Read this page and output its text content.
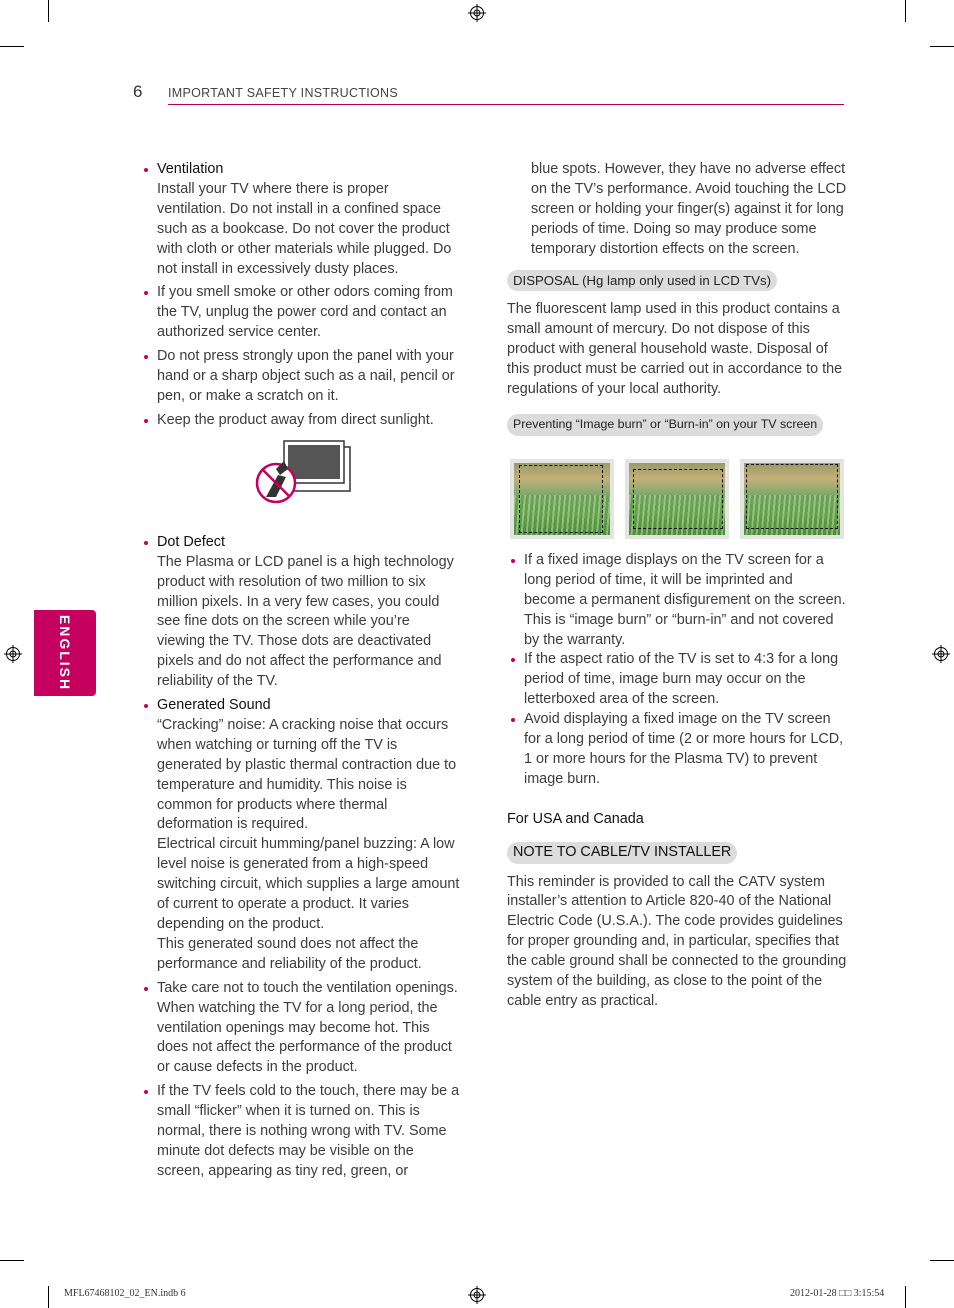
6 IMPORTANT SAFETY INSTRUCTIONS
ENGLISH
Ventilation
Install your TV where there is proper ventilation. Do not install in a confined space such as a bookcase. Do not cover the product with cloth or other materials while plugged. Do not install in excessively dusty places.
If you smell smoke or other odors coming from the TV, unplug the power cord and contact an authorized service center.
Do not press strongly upon the panel with your hand or a sharp object such as a nail, pencil or pen, or make a scratch on it.
Keep the product away from direct sunlight.
Dot Defect
The Plasma or LCD panel is a high technology product with resolution of two million to six million pixels. In a very few cases, you could see fine dots on the screen while you’re viewing the TV. Those dots are deactivated pixels and do not affect the performance and reliability of the TV.
Generated Sound
“Cracking” noise: A cracking noise that occurs when watching or turning off the TV is generated by plastic thermal contraction due to temperature and humidity. This noise is common for products where thermal deformation is required.
Electrical circuit humming/panel buzzing: A low level noise is generated from a high-speed switching circuit, which supplies a large amount of current to operate a product. It varies depending on the product.
This generated sound does not affect the performance and reliability of the product.
Take care not to touch the ventilation openings. When watching the TV for a long period, the ventilation openings may become hot. This does not affect the performance of the product or cause defects in the product.
If the TV feels cold to the touch, there may be a small “flicker” when it is turned on. This is normal, there is nothing wrong with TV. Some minute dot defects may be visible on the screen, appearing as tiny red, green, or

blue spots. However, they have no adverse effect on the TV’s performance. Avoid touching the LCD screen or holding your finger(s) against it for long periods of time. Doing so may produce some temporary distortion effects on the screen.

DISPOSAL (Hg lamp only used in LCD TVs)

The fluorescent lamp used in this product contains a small amount of mercury. Do not dispose of this product with general household waste. Disposal of this product must be carried out in accordance to the regulations of your local authority.

Preventing “Image burn” or “Burn-in” on your TV screen
If a fixed image displays on the TV screen for a long period of time, it will be imprinted and become a permanent disfigurement on the screen. This is “image burn” or “burn-in” and not covered by the warranty.
If the aspect ratio of the TV is set to 4:3 for a long period of time, image burn may occur on the letterboxed area of the screen.
Avoid displaying a fixed image on the TV screen for a long period of time (2 or more hours for LCD, 1 or more hours for the Plasma TV) to prevent image burn.

For USA and Canada

NOTE TO CABLE/TV INSTALLER

This reminder is provided to call the CATV system installer’s attention to Article 820-40 of the National Electric Code (U.S.A.). The code provides guidelines for proper grounding and, in particular, specifies that the cable ground shall be connected to the grounding system of the building, as close to the point of the cable entry as practical.

MFL67468102_02_EN.indb 6	2012-01-28 □□ 3:15:54
